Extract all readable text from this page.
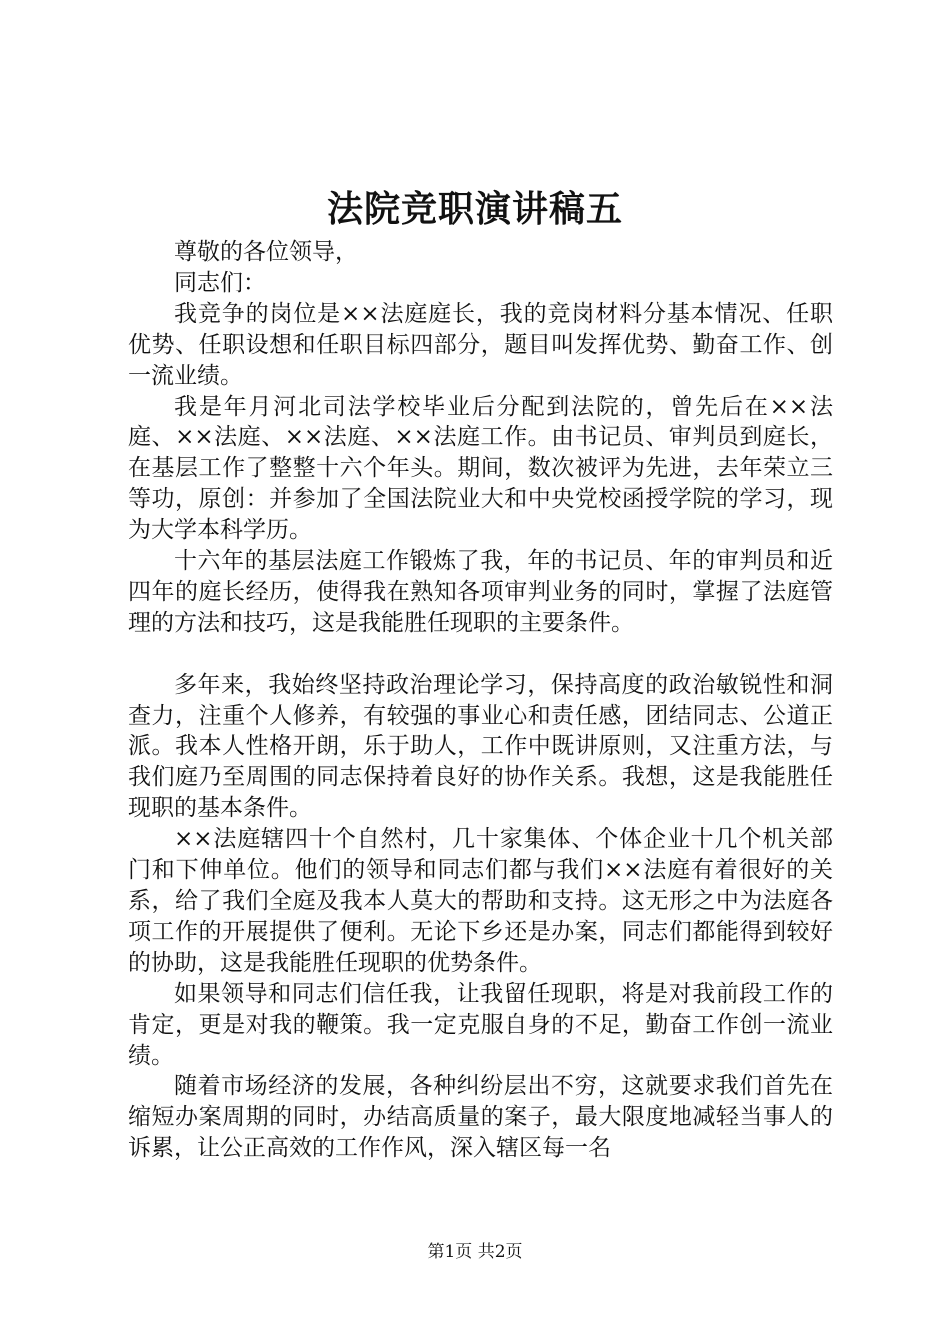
法院竞职演讲稿五

尊敬的各位领导，

同志们：

我竞争的岗位是××法庭庭长，我的竞岗材料分基本情况、任职优势、任职设想和任职目标四部分，题目叫发挥优势、勤奋工作、创一流业绩。

我是年月河北司法学校毕业后分配到法院的，曾先后在××法庭、××法庭、××法庭、××法庭工作。由书记员、审判员到庭长，在基层工作了整整十六个年头。期间，数次被评为先进，去年荣立三等功，原创：并参加了全国法院业大和中央党校函授学院的学习，现为大学本科学历。

十六年的基层法庭工作锻炼了我，年的书记员、年的审判员和近四年的庭长经历，使得我在熟知各项审判业务的同时，掌握了法庭管理的方法和技巧，这是我能胜任现职的主要条件。

多年来，我始终坚持政治理论学习，保持高度的政治敏锐性和洞查力，注重个人修养，有较强的事业心和责任感，团结同志、公道正派。我本人性格开朗，乐于助人，工作中既讲原则，又注重方法，与我们庭乃至周围的同志保持着良好的协作关系。我想，这是我能胜任现职的基本条件。

××法庭辖四十个自然村，几十家集体、个体企业十几个机关部门和下伸单位。他们的领导和同志们都与我们××法庭有着很好的关系，给了我们全庭及我本人莫大的帮助和支持。这无形之中为法庭各项工作的开展提供了便利。无论下乡还是办案，同志们都能得到较好的协助，这是我能胜任现职的优势条件。

如果领导和同志们信任我，让我留任现职，将是对我前段工作的肯定，更是对我的鞭策。我一定克服自身的不足，勤奋工作创一流业绩。

随着市场经济的发展，各种纠纷层出不穷，这就要求我们首先在缩短办案周期的同时，办结高质量的案子，最大限度地减轻当事人的诉累，让公正高效的工作作风，深入辖区每一名

第1页 共2页
